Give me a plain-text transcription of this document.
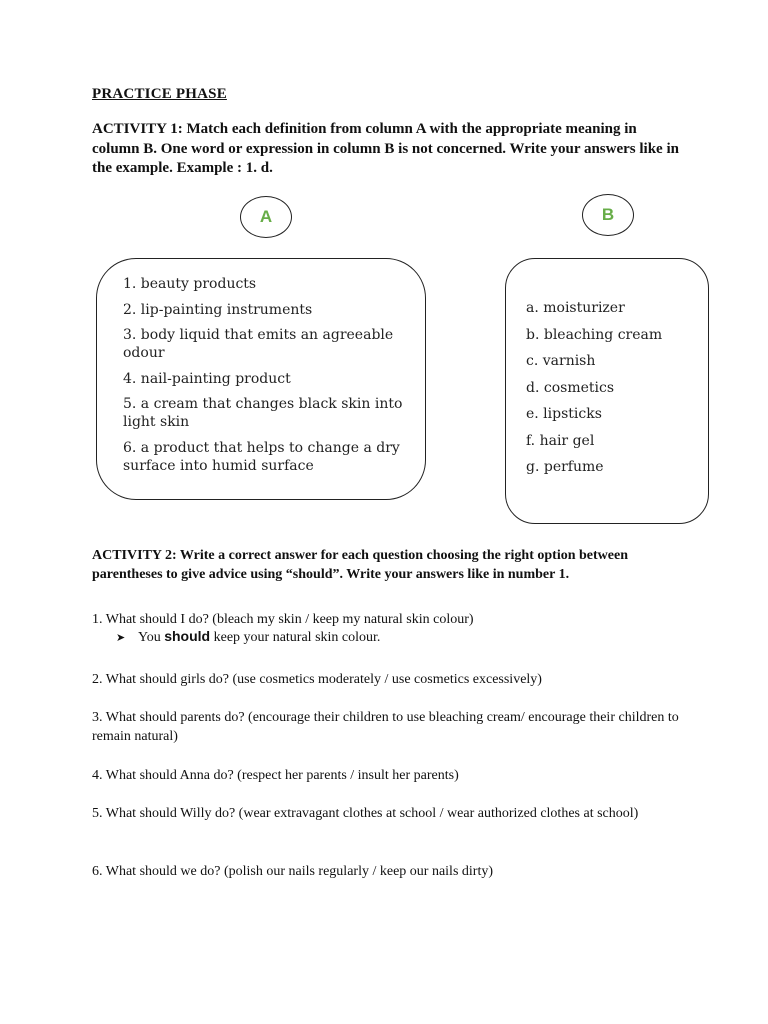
PRACTICE PHASE
ACTIVITY 1: Match each definition from column A with the appropriate meaning in column B. One word or expression in column B is not concerned. Write your answers like in the example. Example : 1. d.
A	B
1. beauty products
2. lip-painting instruments
3. body liquid that emits an agreeable odour
4. nail-painting product
5. a cream that changes black skin into light skin
6. a product that helps to change a dry surface into humid surface
a. moisturizer
b. bleaching cream
c. varnish
d. cosmetics
e. lipsticks
f. hair gel
g. perfume
ACTIVITY 2: Write a correct answer for each question choosing the right option between parentheses to give advice using “should”. Write your answers like in number 1.
1. What should I do? (bleach my skin / keep my natural skin colour)
➤ You should keep your natural skin colour.
2. What should girls do? (use cosmetics moderately / use cosmetics excessively)
3. What should parents do? (encourage their children to use bleaching cream/ encourage their children to remain natural)
4. What should Anna do? (respect her parents / insult her parents)
5. What should Willy do? (wear extravagant clothes at school / wear authorized clothes at school)
6. What should we do? (polish our nails regularly / keep our nails dirty)
